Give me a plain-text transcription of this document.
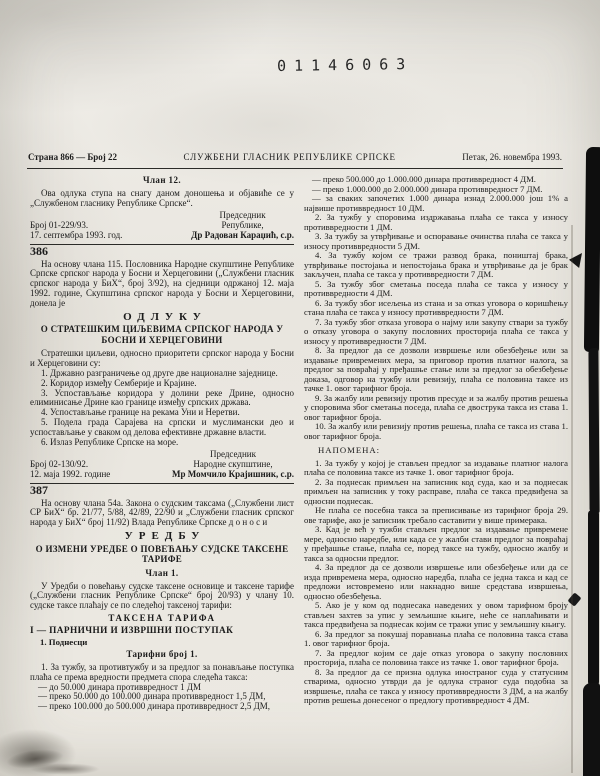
01146063
Страна 866 — Број 22	СЛУЖБЕНИ ГЛАСНИК РЕПУБЛИКЕ СРПСКЕ	Петак, 26. новембра 1993.

Члан 12.

Ова одлука ступа на снагу даном доношења и објавиће се у „Службеном гласнику Републике Српске“.

Број 01-229/93.

17. септембра 1993. год.

Председник

Републике,

Др Радован Караџић, с.р.

386

На основу члана 115. Пословника Народне скупштине Републике Српске српског народа у Босни и Херцеговини („Службени гласник српског народа у БиХ“, број 3/92), на сједници одржаној 12. маја 1992. године, Скупштина српског народа у Босни и Херцеговини, донела је

ОДЛУКУ

О СТРАТЕШКИМ ЦИЉЕВИМА СРПСКОГ НАРОДА У БОСНИ И ХЕРЦЕГОВИНИ

Стратешки циљеви, односно приоритети српског народа у Босни и Херцеговини су:

1. Државно разграничење од друге две националне заједнице.

2. Коридор између Семберије и Крајине.

3. Успостављање коридора у долини реке Дрине, односно елиминисање Дрине као границе између српских држава.

4. Успостављање границе на рекама Уни и Неретви.

5. Подела града Сарајева на српски и муслимански део и успостављање у сваком од делова ефективне државне власти.

6. Излаз Републике Српске на море.

Број 02-130/92.

12. маја 1992. године

Председник

Народне скупштине,

Мр Момчило Крајишник, с.р.

387

На основу члана 54а. Закона о судским таксама („Службени лист СР БиХ“ бр. 21/77, 5/88, 42/89, 22/90 и „Службени гласник српског народа у БиХ“ број 11/92) Влада Републике Српске д о н о с и

УРЕДБУ

О ИЗМЕНИ УРЕДБЕ О ПОВЕЋАЊУ СУДСКЕ ТАКСЕНЕ ТАРИФЕ

Члан 1.

У Уредби о повећању судске таксене основице и таксене тарифе („Службени гласник Републике Српске“ број 20/93) у члану 10. судске таксе плаћају се по следећој таксеној тарифи:

ТАКСЕНА ТАРИФА

I — ПАРНИЧНИ И ИЗВРШНИ ПОСТУПАК

1. Поднесци

Тарифни број 1.

1. За тужбу, за противтужбу и за предлог за понављање поступка плаћа се према вредности предмета спора следећа такса:

— до 50.000 динара противвредност 1 ДМ

— преко 50.000 до 100.000 динара противвредност 1,5 ДМ,

— преко 100.000 до 500.000 динара противвредност 2,5 ДМ,

— преко 500.000 до 1.000.000 динара противвредност 4 ДМ.

— преко 1.000.000 до 2.000.000 динара противвредност 7 ДМ.

— за сваких започетих 1.000 динара изнад 2.000.000 још 1% а највише противвредност 10 ДМ.

2. За тужбу у споровима издржавања плаћа се такса у износу противвредности 1 ДМ.

3. За тужбу за утврђивање и оспоравање очинства плаћа се такса у износу противвредности 5 ДМ.

4. За тужбу којом се тражи развод брака, поништај брака, утврђивање постојања и непостојања брака и утврђивање да је брак закључен, плаћа се такса у противвредности 7 ДМ.

5. За тужбу због сметања поседа плаћа се такса у износу у противвредности 4 ДМ.

6. За тужбу због исељења из стана и за отказ уговора о коришћењу стана плаћа се такса у износу противвредности 7 ДМ.

7. За тужбу због отказа уговора о најму или закупу ствари за тужбу о отказу уговора о закупу пословних просторија плаћа се такса у износу у противвредности 7 ДМ.

8. За предлог да се дозволи извршење или обезбеђење или за издавање привремених мера, за приговор против платног налога, за предлог за повраћај у пређашње стање или за предлог за обезбеђење доказа, одговор на тужбу или ревизију, плаћа се половина таксе из тачке 1. овог тарифног броја.

9. За жалбу или ревизију против пресуде и за жалбу против решења у споровима због сметања поседа, плаћа се двострука такса из става 1. овог тарифног броја.

10. За жалбу или ревизију против решења, плаћа се такса из става 1. овог тарифног броја.

НАПОМЕНА:

1. За тужбу у којој је стављен предлог за издавање платног налога плаћа се половина таксе из тачке 1. овог тарифног броја.

2. За поднесак примљен на записник код суда, као и за поднесак примљен на записник у току расправе, плаћа се такса предвиђена за односни поднесак.

Не плаћа се посебна такса за преписивање из тарифног броја 29. ове тарифе, ако је записник требало саставити у више примерака.

3. Кад је већ у тужби стављен предлог за издавање привремене мере, односно наредбе, или када се у жалби стави предлог за повраћај у пређашње стање, плаћа се, поред таксе на тужбу, односно жалбу и такса за односни предлог.

4. За предлог да се дозволи извршење или обезбеђење или да се изда привремена мера, односно наредба, плаћа се једна такса и кад се предложи истовремено или накнадно више средстава извршења, односно обезбеђења.

5. Ако је у ком од поднесака наведених у овом тарифном броју стављен захтев за упис у земљишне књиге, неће се наплаћивати и такса предвиђена за поднесак којим се тражи упис у земљишну књигу.

6. За предлог за покушај поравнања плаћа се половина такса става 1. овог тарифног броја.

7. За предлог којим се даје отказ уговора о закупу пословних просторија, плаћа се половина таксе из тачке 1. овог тарифног броја.

8. За предлог да се призна одлука иностраног суда у статусним стварима, односно утврди да је одлука страног суда подобна за извршење, плаћа се такса у износу противвредности 3 ДМ, а на жалбу против решења донесеног о предлогу противвредност 4 ДМ.
